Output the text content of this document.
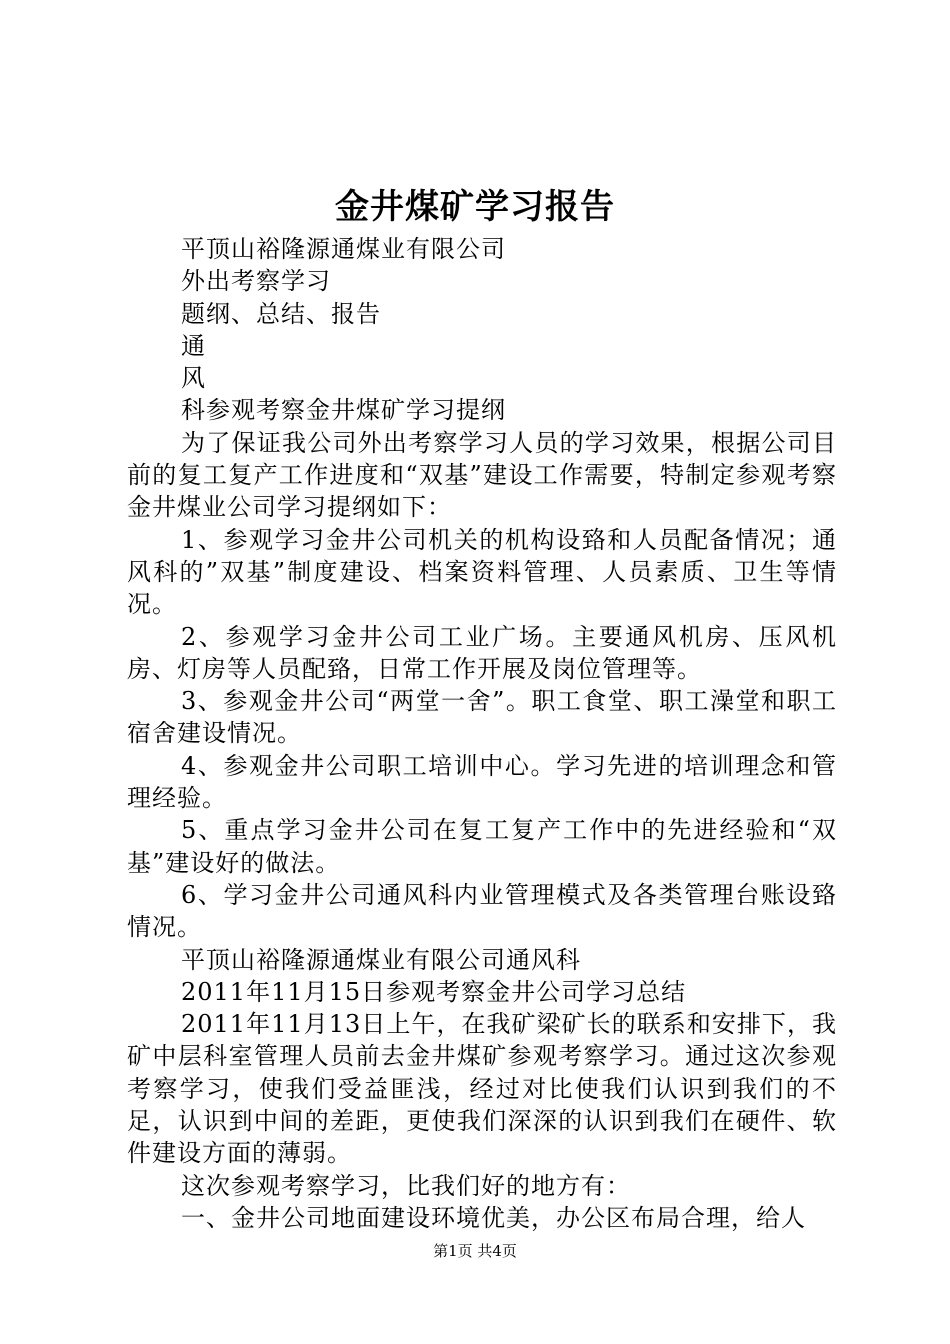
金井煤矿学习报告

平顶山裕隆源通煤业有限公司

外出考察学习

题纲、总结、报告

通

风

科参观考察金井煤矿学习提纲

为了保证我公司外出考察学习人员的学习效果，根据公司目前的复工复产工作进度和“双基”建设工作需要，特制定参观考察金井煤业公司学习提纲如下：

1、参观学习金井公司机关的机构设臵和人员配备情况；通风科的”双基”制度建设、档案资料管理、人员素质、卫生等情况。

2、参观学习金井公司工业广场。主要通风机房、压风机房、灯房等人员配臵，日常工作开展及岗位管理等。

3、参观金井公司“两堂一舍”。职工食堂、职工澡堂和职工宿舍建设情况。

4、参观金井公司职工培训中心。学习先进的培训理念和管理经验。

5、重点学习金井公司在复工复产工作中的先进经验和“双基”建设好的做法。

6、学习金井公司通风科内业管理模式及各类管理台账设臵情况。

平顶山裕隆源通煤业有限公司通风科

2011年11月15日参观考察金井公司学习总结

2011年11月13日上午，在我矿梁矿长的联系和安排下，我矿中层科室管理人员前去金井煤矿参观考察学习。通过这次参观考察学习，使我们受益匪浅，经过对比使我们认识到我们的不足，认识到中间的差距，更使我们深深的认识到我们在硬件、软件建设方面的薄弱。

这次参观考察学习，比我们好的地方有：

一、金井公司地面建设环境优美，办公区布局合理，给人

第1页 共4页
